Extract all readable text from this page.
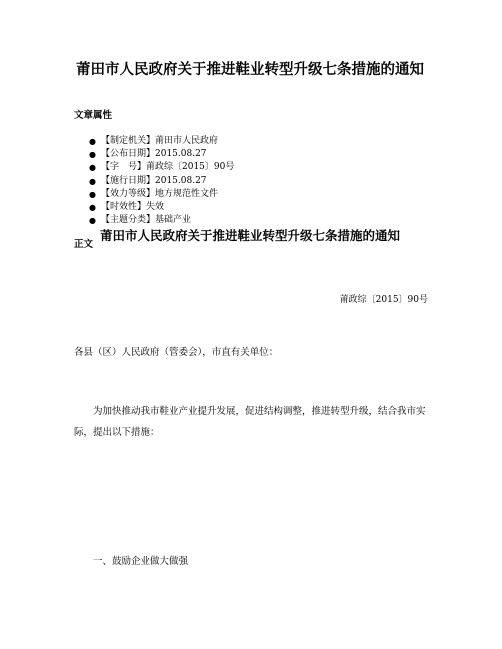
莆田市人民政府关于推进鞋业转型升级七条措施的通知
文章属性
● 【制定机关】莆田市人民政府
● 【公布日期】2015.08.27
● 【字　号】莆政综〔2015〕90号
● 【施行日期】2015.08.27
● 【效力等级】地方规范性文件
● 【时效性】失效
● 【主题分类】基础产业
正文
莆田市人民政府关于推进鞋业转型升级七条措施的通知
莆政综〔2015〕90号
各县（区）人民政府（管委会），市直有关单位：

为加快推动我市鞋业产业提升发展，促进结构调整，推进转型升级，结合我市实际，提出以下措施：

一、鼓励企业做大做强
